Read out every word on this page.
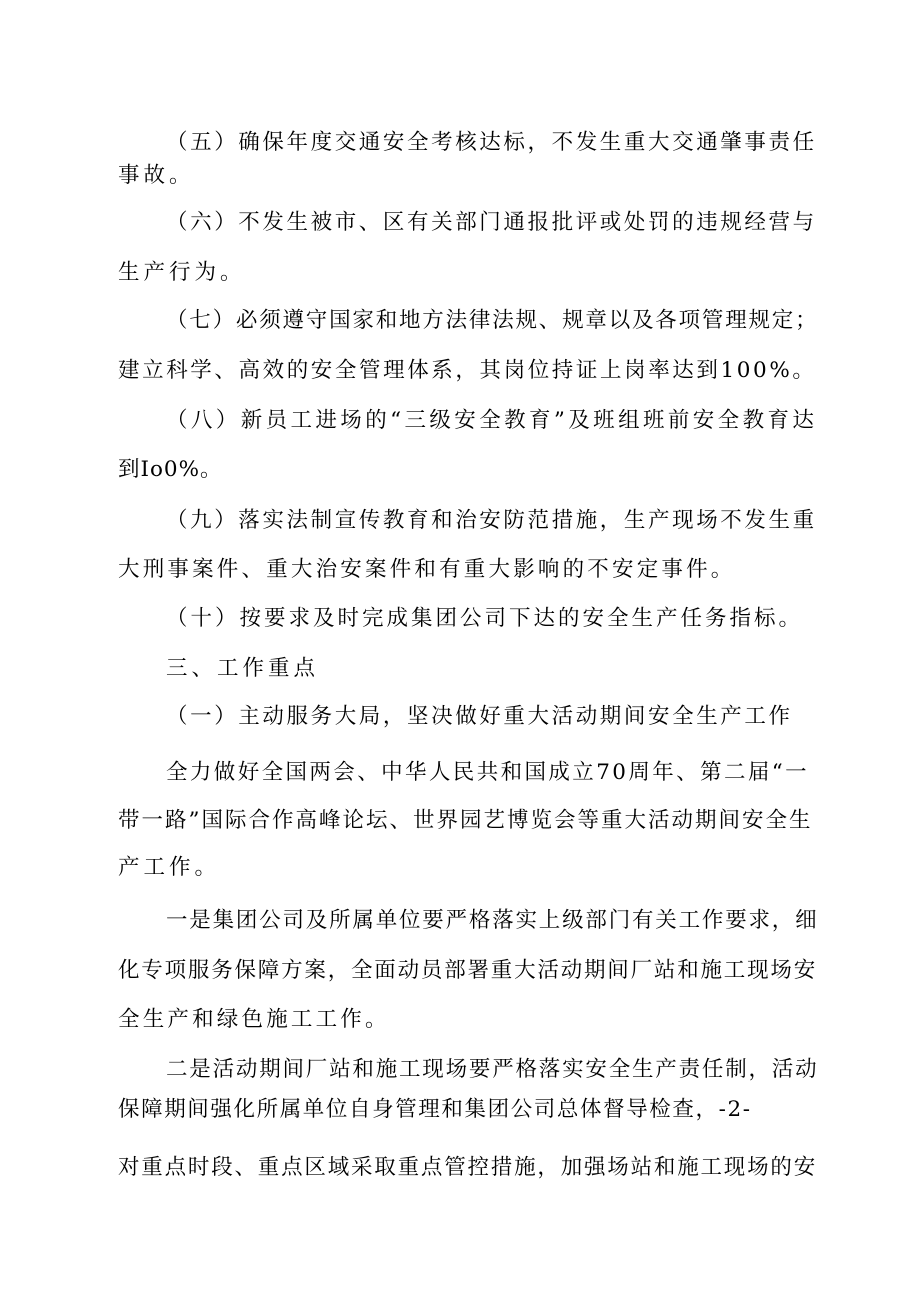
（五）确保年度交通安全考核达标，不发生重大交通肇事责任
事故。
（六）不发生被市、区有关部门通报批评或处罚的违规经营与
生产行为。
（七）必须遵守国家和地方法律法规、规章以及各项管理规定；
建立科学、高效的安全管理体系，其岗位持证上岗率达到100%。
（八）新员工进场的“三级安全教育”及班组班前安全教育达
到Io0%。
（九）落实法制宣传教育和治安防范措施，生产现场不发生重
大刑事案件、重大治安案件和有重大影响的不安定事件。
（十）按要求及时完成集团公司下达的安全生产任务指标。
三、工作重点
（一）主动服务大局，坚决做好重大活动期间安全生产工作
全力做好全国两会、中华人民共和国成立70周年、第二届“一
带一路”国际合作高峰论坛、世界园艺博览会等重大活动期间安全生
产工作。
一是集团公司及所属单位要严格落实上级部门有关工作要求，细
化专项服务保障方案，全面动员部署重大活动期间厂站和施工现场安
全生产和绿色施工工作。
二是活动期间厂站和施工现场要严格落实安全生产责任制，活动
保障期间强化所属单位自身管理和集团公司总体督导检查，-2-
对重点时段、重点区域采取重点管控措施，加强场站和施工现场的安
